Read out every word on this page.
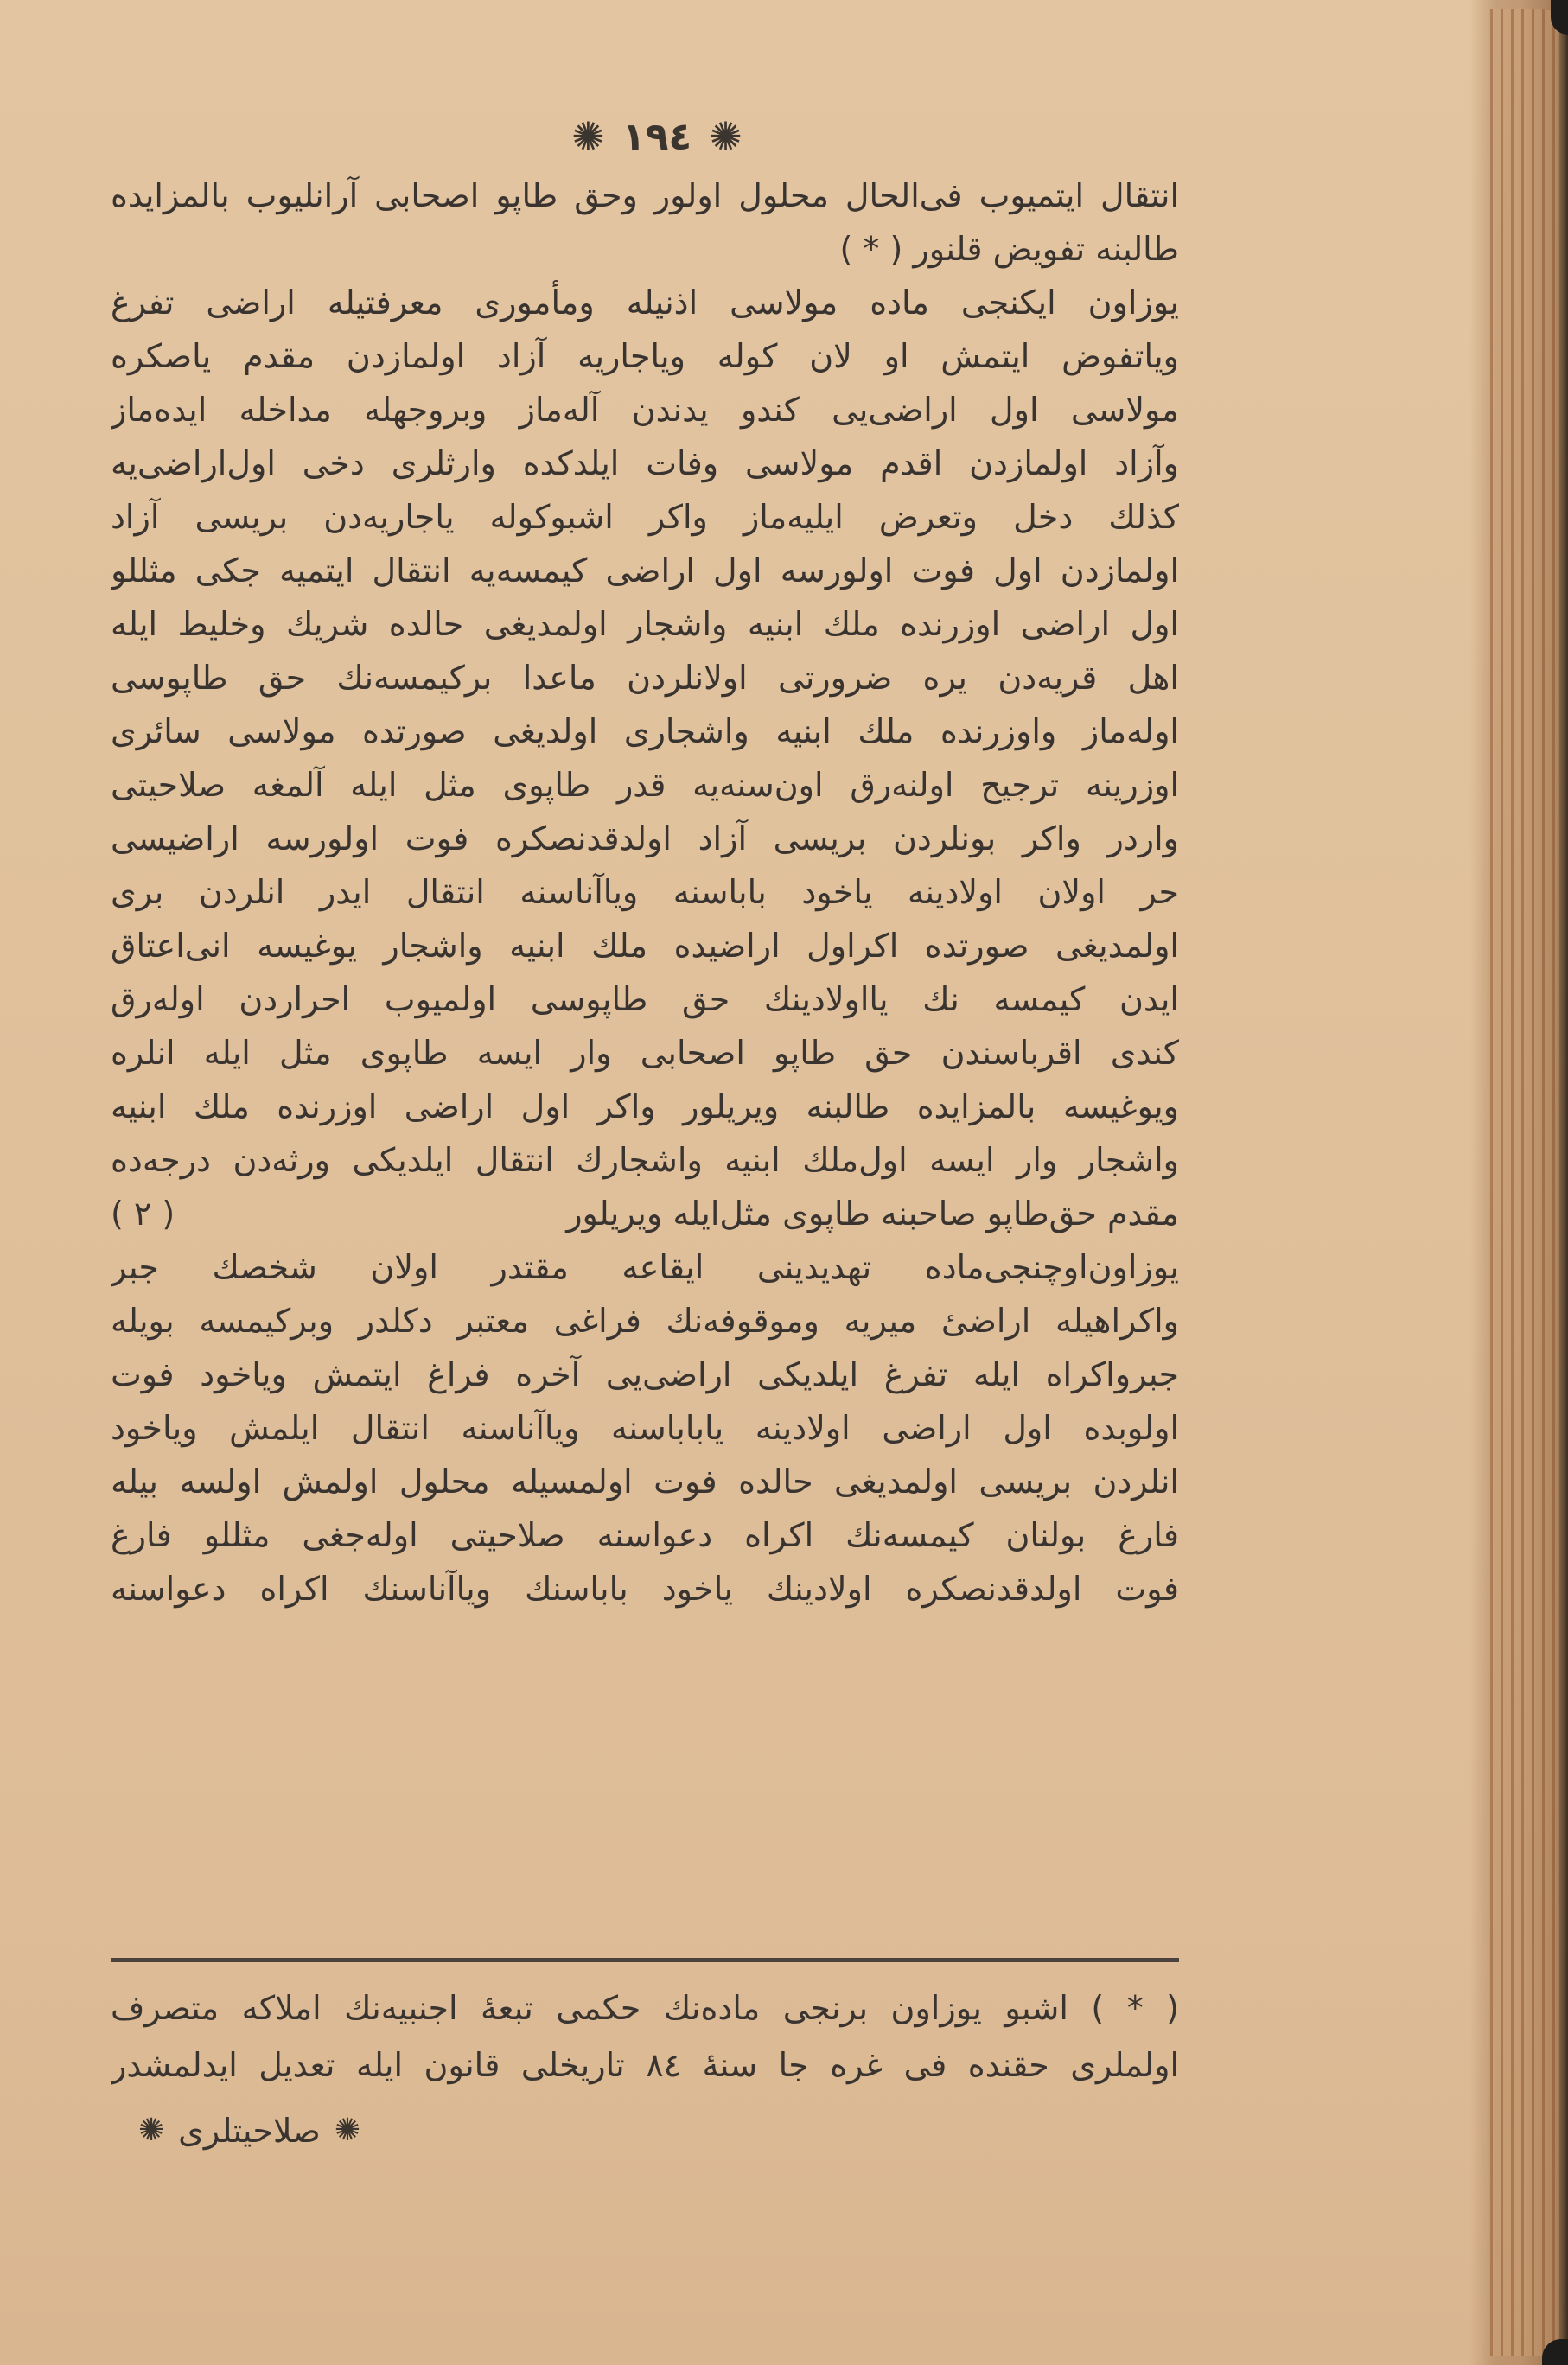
✺
١٩٤
✺
انتقال ایتمیوب فی‌الحال محلول اولور وحق طاپو اصحابی آرانلیوب بالمزایده
طالبنه تفویض قلنور ( * )
یوزاون ایکنجی ماده مولاسی اذنیله ومأموری معرفتیله اراضی تفرغ
ویاتفوض ایتمش او لان کوله ویاجاریه آزاد اولمازدن مقدم یاصکره
مولاسی اول اراضی‌یی کندو یدندن آله‌ماز وبروجهله مداخله ایده‌ماز
وآزاد اولمازدن اقدم مولاسی وفات ایلدکده وارثلری دخی اول‌اراضی‌یه
کذلك دخل وتعرض ایلیه‌ماز واکر اشبوکوله یاجاریه‌دن بریسی آزاد
اولمازدن اول فوت اولورسه اول اراضی کیمسه‌یه انتقال ایتمیه جکی مثللو
اول اراضی اوزرنده ملك ابنیه واشجار اولمدیغی حالده شریك وخلیط ایله
اهل قریه‌دن یره ضرورتی اولانلردن ماعدا برکیمسه‌نك حق طاپوسی
اوله‌ماز واوزرنده ملك ابنیه واشجاری اولدیغی صورتده مولاسی سائری
اوزرینه ترجیح اولنه‌رق اون‌سنه‌یه قدر طاپوی مثل ایله آلمغه صلاحیتی
واردر واکر بونلردن بریسی آزاد اولدقدنصکره فوت اولورسه اراضیسی
حر اولان اولادینه یاخود باباسنه ویاآناسنه انتقال ایدر انلردن بری
اولمدیغی صورتده اکراول اراضیده ملك ابنیه واشجار یوغیسه انی‌اعتاق
ایدن کیمسه نك یااولادینك حق طاپوسی اولمیوب احراردن اوله‌رق
کندی اقرباسندن حق طاپو اصحابی وار ایسه طاپوی مثل ایله انلره
ویوغیسه بالمزایده طالبنه ویریلور واکر اول اراضی اوزرنده ملك ابنیه
واشجار وار ایسه اول‌ملك ابنیه واشجارك انتقال ایلدیکی ورثه‌دن درجه‌ده
مقدم حق‌طاپو صاحبنه طاپوی مثل‌ایله ویریلور
( ٢ )
یوزاون‌اوچنجی‌ماده تهدیدینی ایقاعه مقتدر اولان شخصك جبر
واکراهیله اراضیٔ میریه وموقوفه‌نك فراغی معتبر دکلدر وبرکیمسه بویله
جبرواکراه ایله تفرغ ایلدیکی اراضی‌یی آخره فراغ ایتمش ویاخود فوت
اولوبده اول اراضی اولادینه یاباباسنه ویاآناسنه انتقال ایلمش ویاخود
انلردن بریسی اولمدیغی حالده فوت اولمسیله محلول اولمش اولسه بیله
فارغ بولنان کیمسه‌نك اکراه دعواسنه صلاحیتی اوله‌جغی مثللو فارغ
فوت اولدقدنصکره اولادینك یاخود باباسنك ویاآناسنك اکراه دعواسنه
( * ) اشبو یوزاون برنجی ماده‌نك حکمی تبعهٔ اجنبیه‌نك املاکه متصرف
اولملری حقنده فی غره جا سنهٔ ٨٤ تاریخلی قانون ایله تعدیل ایدلمشدر
✺
صلاحیتلری
✺
